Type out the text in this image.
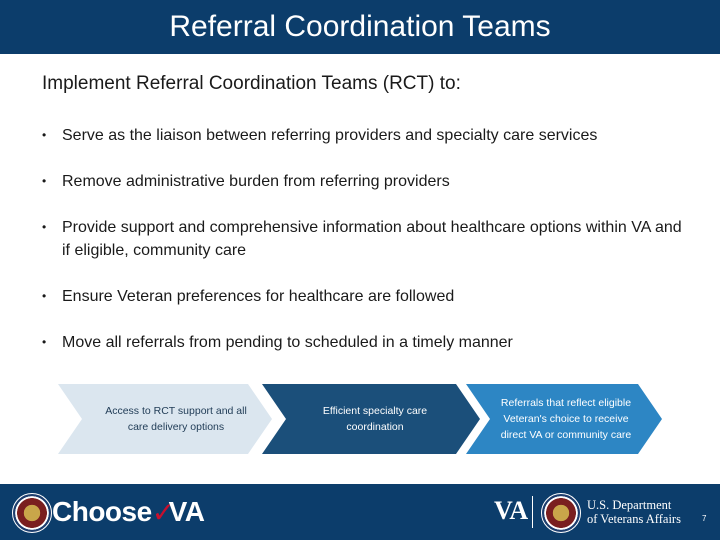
Referral Coordination Teams

Implement Referral Coordination Teams (RCT) to:

• Serve as the liaison between referring providers and specialty care services
• Remove administrative burden from referring providers
• Provide support and comprehensive information about healthcare options within VA and if eligible, community care
• Ensure Veteran preferences for healthcare are followed
• Move all referrals from pending to scheduled in a timely manner
Access to RCT support and all
care delivery options
Efficient specialty care
coordination
Referrals that reflect eligible
Veteran's choice to receive
direct VA or community care
Choose ✓
VA	VA	U.S. Department
of Veterans Affairs	7
